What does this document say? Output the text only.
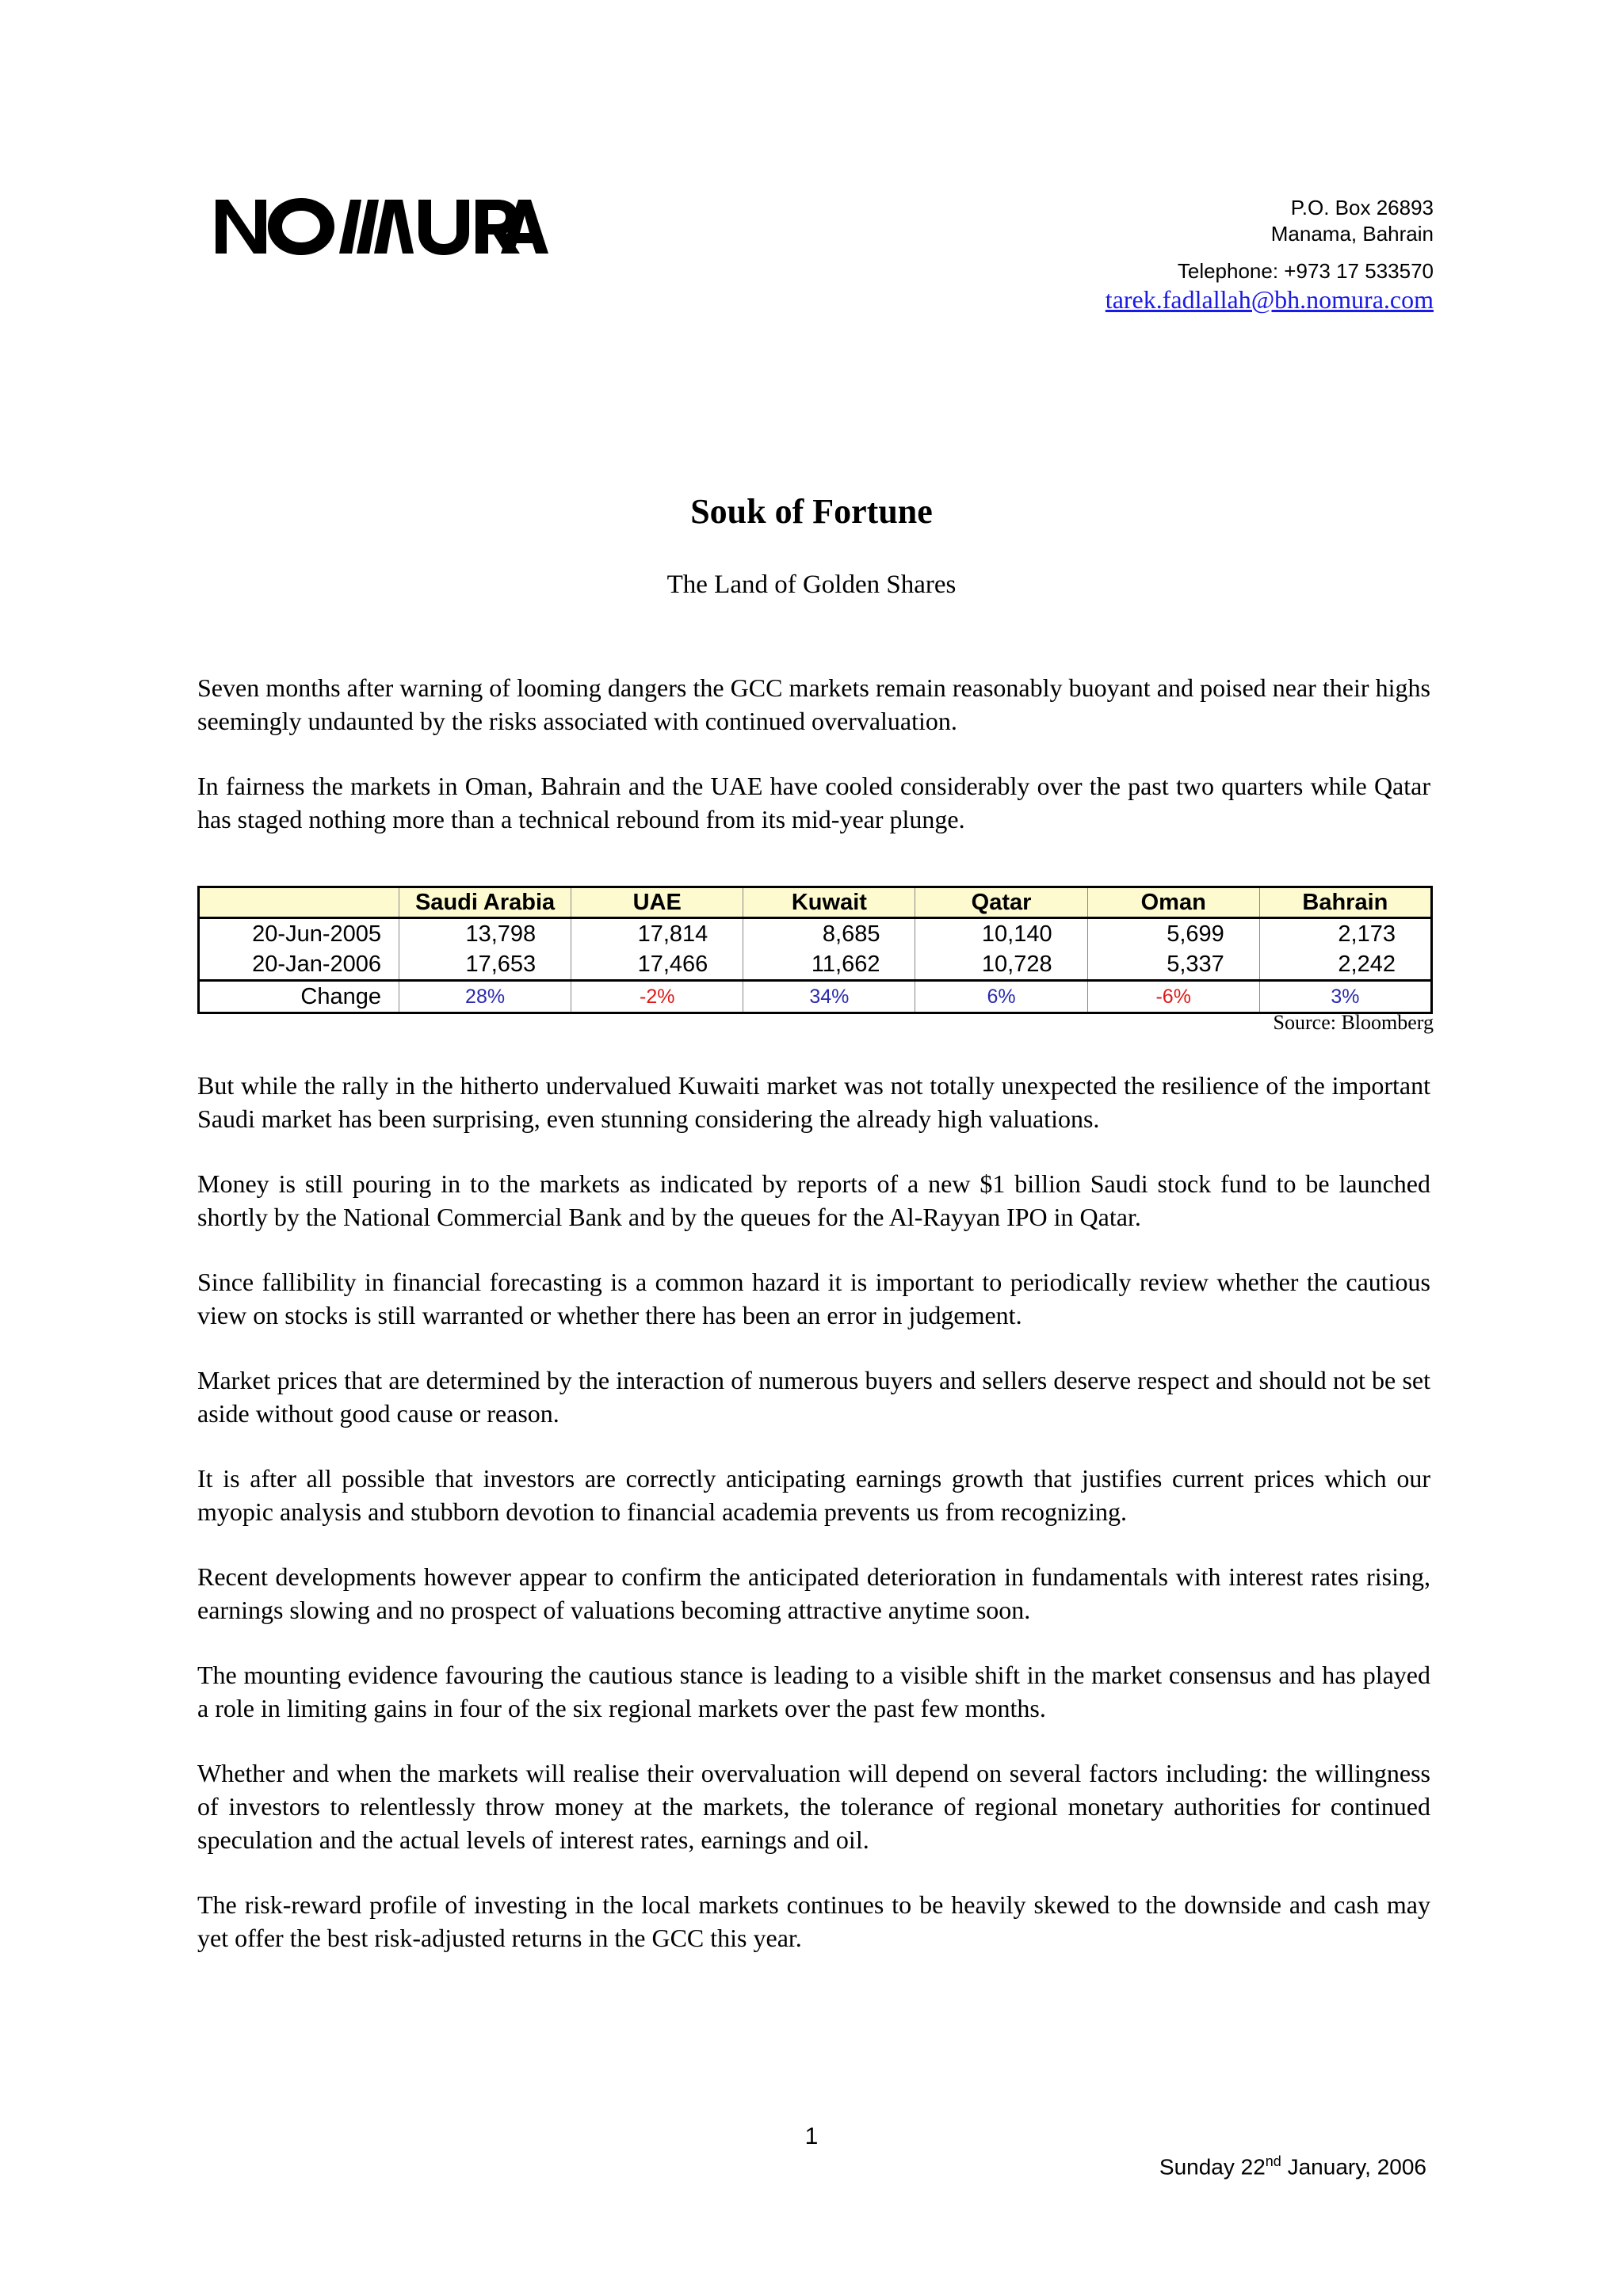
P.O. Box 26893
Manama, Bahrain
Telephone: +973 17 533570
tarek.fadlallah@bh.nomura.com
Souk of Fortune
The Land of Golden Shares

Seven months after warning of looming dangers the GCC markets remain reasonably buoyant and poised near their highs seemingly undaunted by the risks associated with continued overvaluation.

In fairness the markets in Oman, Bahrain and the UAE have cooled considerably over the past two quarters while Qatar has staged nothing more than a technical rebound from its mid-year plunge.

	Saudi Arabia	UAE	Kuwait	Qatar	Oman	Bahrain
20-Jun-2005	13,798	17,814	8,685	10,140	5,699	2,173
20-Jan-2006	17,653	17,466	11,662	10,728	5,337	2,242
Change	28%	-2%	34%	6%	-6%	3%
Source: Bloomberg

But while the rally in the hitherto undervalued Kuwaiti market was not totally unexpected the resilience of the important Saudi market has been surprising, even stunning considering the already high valuations.

Money is still pouring in to the markets as indicated by reports of a new $1 billion Saudi stock fund to be launched shortly by the National Commercial Bank and by the queues for the Al-Rayyan IPO in Qatar.

Since fallibility in financial forecasting is a common hazard it is important to periodically review whether the cautious view on stocks is still warranted or whether there has been an error in judgement.

Market prices that are determined by the interaction of numerous buyers and sellers deserve respect and should not be set aside without good cause or reason.

It is after all possible that investors are correctly anticipating earnings growth that justifies current prices which our myopic analysis and stubborn devotion to financial academia prevents us from recognizing.

Recent developments however appear to confirm the anticipated deterioration in fundamentals with interest rates rising, earnings slowing and no prospect of valuations becoming attractive anytime soon.

The mounting evidence favouring the cautious stance is leading to a visible shift in the market consensus and has played a role in limiting gains in four of the six regional markets over the past few months.

Whether and when the markets will realise their overvaluation will depend on several factors including: the willingness of investors to relentlessly throw money at the markets, the tolerance of regional monetary authorities for continued speculation and the actual levels of interest rates, earnings and oil.

The risk-reward profile of investing in the local markets continues to be heavily skewed to the downside and cash may yet offer the best risk-adjusted returns in the GCC this year.

1
Sunday 22nd January, 2006
